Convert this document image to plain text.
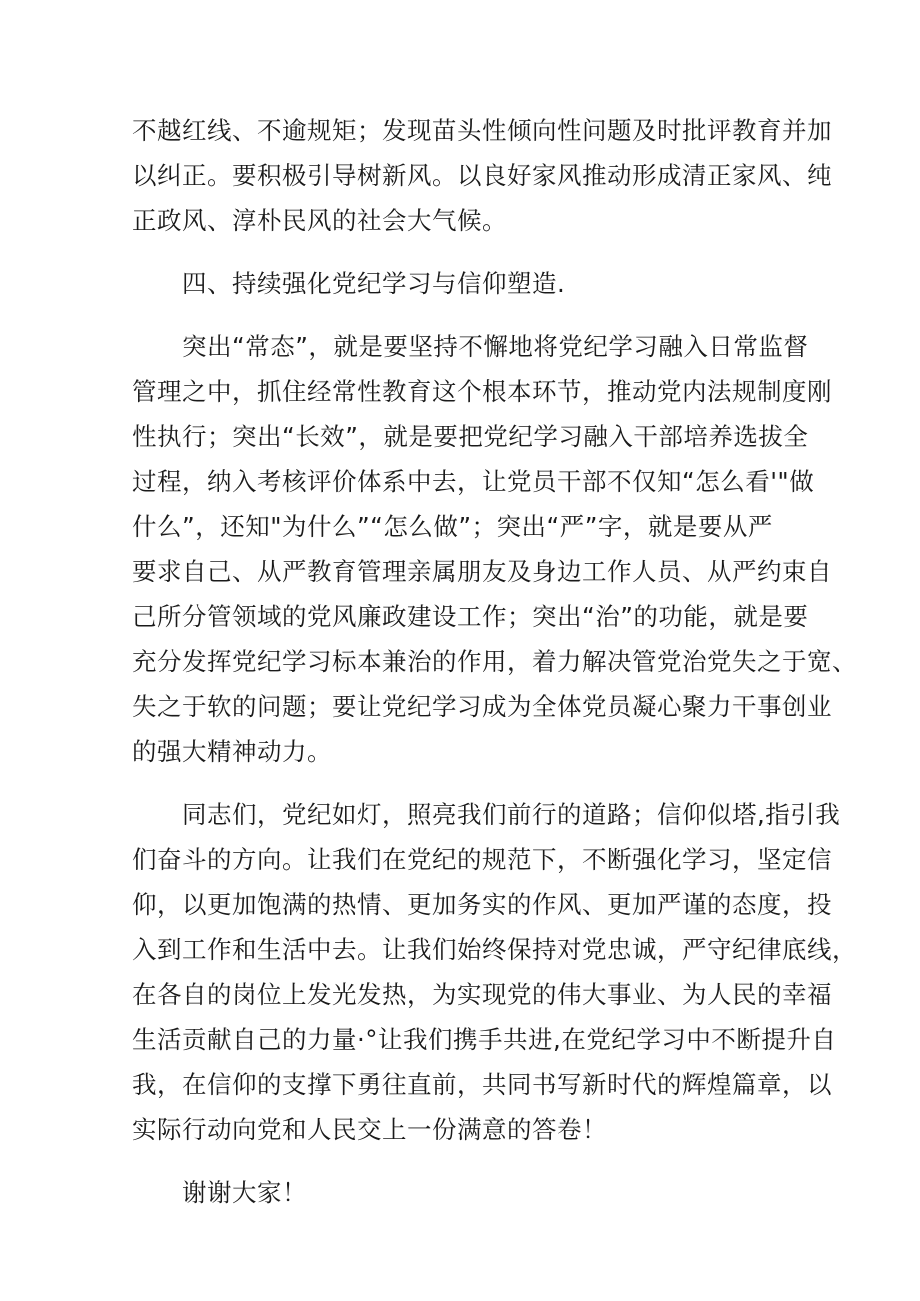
不越红线、不逾规矩；发现苗头性倾向性问题及时批评教育并加
以纠正。要积极引导树新风。以良好家风推动形成清正家风、纯
正政风、淳朴民风的社会大气候。
四、持续强化党纪学习与信仰塑造.
突出“常态”，就是要坚持不懈地将党纪学习融入日常监督
管理之中，抓住经常性教育这个根本环节，推动党内法规制度刚
性执行；突出“长效”，就是要把党纪学习融入干部培养选拔全
过程，纳入考核评价体系中去，让党员干部不仅知“怎么看'"做
什么”，还知"为什么”“怎么做”；突出“严”字，就是要从严
要求自己、从严教育管理亲属朋友及身边工作人员、从严约束自
己所分管领域的党风廉政建设工作；突出“治”的功能，就是要
充分发挥党纪学习标本兼治的作用，着力解决管党治党失之于宽、
失之于软的问题；要让党纪学习成为全体党员凝心聚力干事创业
的强大精神动力。
同志们，党纪如灯，照亮我们前行的道路；信仰似塔,指引我
们奋斗的方向。让我们在党纪的规范下，不断强化学习，坚定信
仰，以更加饱满的热情、更加务实的作风、更加严谨的态度，投
入到工作和生活中去。让我们始终保持对党忠诚，严守纪律底线，
在各自的岗位上发光发热，为实现党的伟大事业、为人民的幸福
生活贡献自己的力量·°让我们携手共进,在党纪学习中不断提升自
我，在信仰的支撑下勇往直前，共同书写新时代的辉煌篇章，以
实际行动向党和人民交上一份满意的答卷！
谢谢大家！
